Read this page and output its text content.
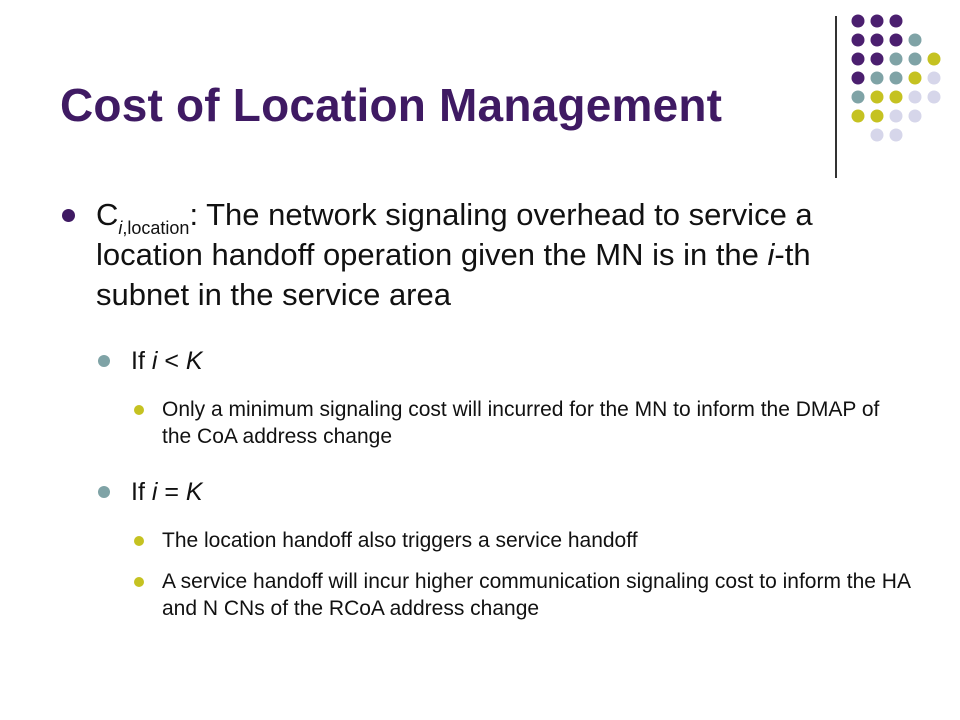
Cost of Location Management
$C_{i,location}$: The network signaling overhead to service a location handoff operation given the MN is in the i-th subnet in the service area
If i < K
Only a minimum signaling cost will incurred for the MN to inform the DMAP of the CoA address change
If i = K
The location handoff also triggers a service handoff
A service handoff will incur higher communication signaling cost to inform the HA and N CNs of the RCoA address change
